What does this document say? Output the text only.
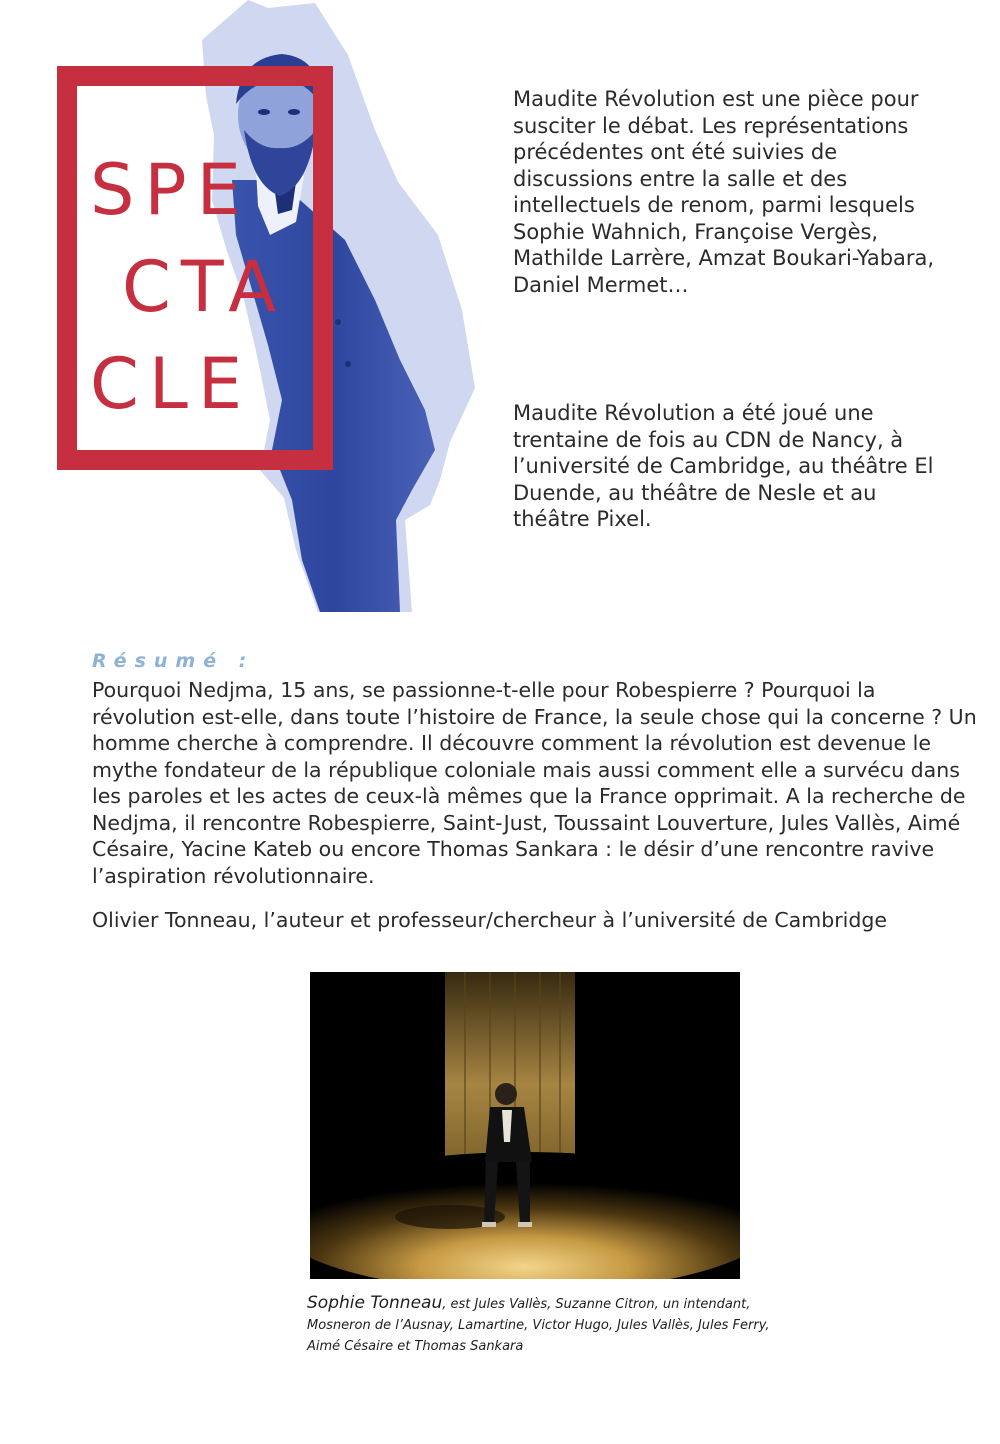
SPE

CTA

CLE

Maudite Révolution est une pièce pour susciter le débat. Les représentations précédentes ont été suivies de discussions entre la salle et des intellectuels de renom, parmi lesquels Sophie Wahnich, Françoise Vergès, Mathilde Larrère, Amzat Boukari-Yabara, Daniel Mermet…

Maudite Révolution a été joué une trentaine de fois au CDN de Nancy, à l’université de Cambridge, au théâtre El Duende, au théâtre de Nesle et au théâtre Pixel.

Résumé :

Pourquoi Nedjma, 15 ans, se passionne-t-elle pour Robespierre ? Pourquoi la révolution est-elle, dans toute l’histoire de France, la seule chose qui la concerne ? Un homme cherche à comprendre. Il découvre comment la révolution est devenue le mythe fondateur de la république coloniale mais aussi comment elle a survécu dans les paroles et les actes de ceux-là mêmes que la France opprimait. A la recherche de Nedjma, il rencontre Robespierre, Saint-Just, Toussaint Louverture, Jules Vallès, Aimé Césaire, Yacine Kateb ou encore Thomas Sankara : le désir d’une rencontre ravive l’aspiration révolutionnaire.

Olivier Tonneau, l’auteur et professeur/chercheur à l’université de Cambridge

Sophie Tonneau, est Jules Vallès, Suzanne Citron, un intendant, Mosneron de l’Ausnay, Lamartine, Victor Hugo, Jules Vallès, Jules Ferry, Aimé Césaire et Thomas Sankara
